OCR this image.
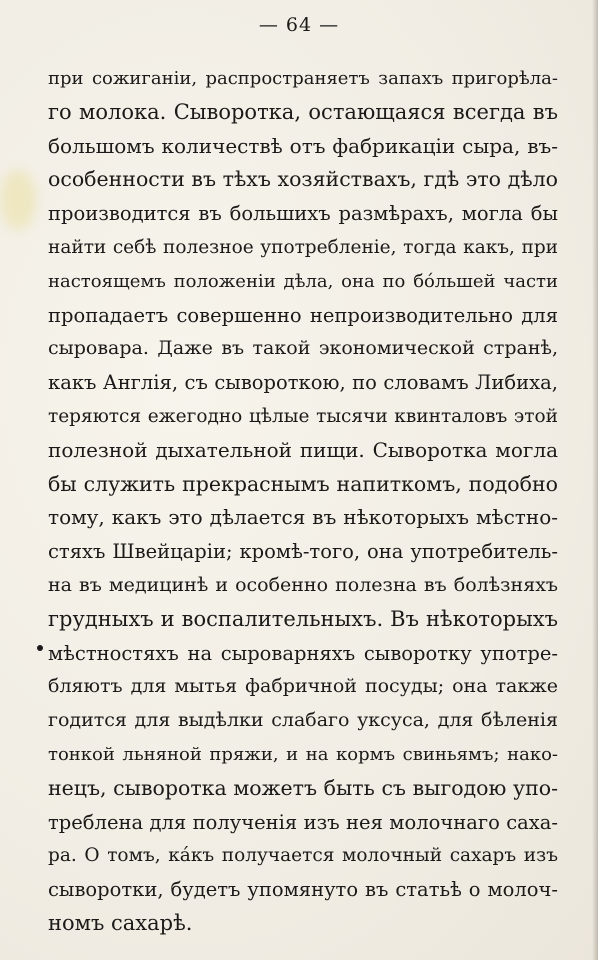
— 64 —
при сожиганіи, распространяетъ запахъ пригорѣла-
го молока. Сыворотка, остающаяся всегда въ
большомъ количествѣ отъ фабрикаціи сыра, въ-
особенности въ тѣхъ хозяйствахъ, гдѣ это дѣло
производится въ большихъ размѣрахъ, могла бы
найти себѣ полезное употребленіе, тогда какъ, при
настоящемъ положеніи дѣла, она по бо́льшей части
пропадаетъ совершенно непроизводительно для
сыровара. Даже въ такой экономической странѣ,
какъ Англія, съ сывороткою, по словамъ Либиха,
теряются ежегодно цѣлые тысячи квинталовъ этой
полезной дыхательной пищи. Сыворотка могла
бы служить прекраснымъ напиткомъ, подобно
тому, какъ это дѣлается въ нѣкоторыхъ мѣстно-
стяхъ Швейцаріи; кромѣ-того, она употребитель-
на въ медицинѣ и особенно полезна въ болѣзняхъ
грудныхъ и воспалительныхъ. Въ нѣкоторыхъ
мѣстностяхъ на сыроварняхъ сыворотку употре-
бляютъ для мытья фабричной посуды; она также
годится для выдѣлки слабаго уксуса, для бѣленія
тонкой льняной пряжи, и на кормъ свиньямъ; нако-
нецъ, сыворотка можетъ быть съ выгодою упо-
треблена для полученія изъ нея молочнаго саха-
ра. О томъ, ка́къ получается молочный сахаръ изъ
сыворотки, будетъ упомянуто въ статьѣ о молоч-
номъ сахарѣ.
